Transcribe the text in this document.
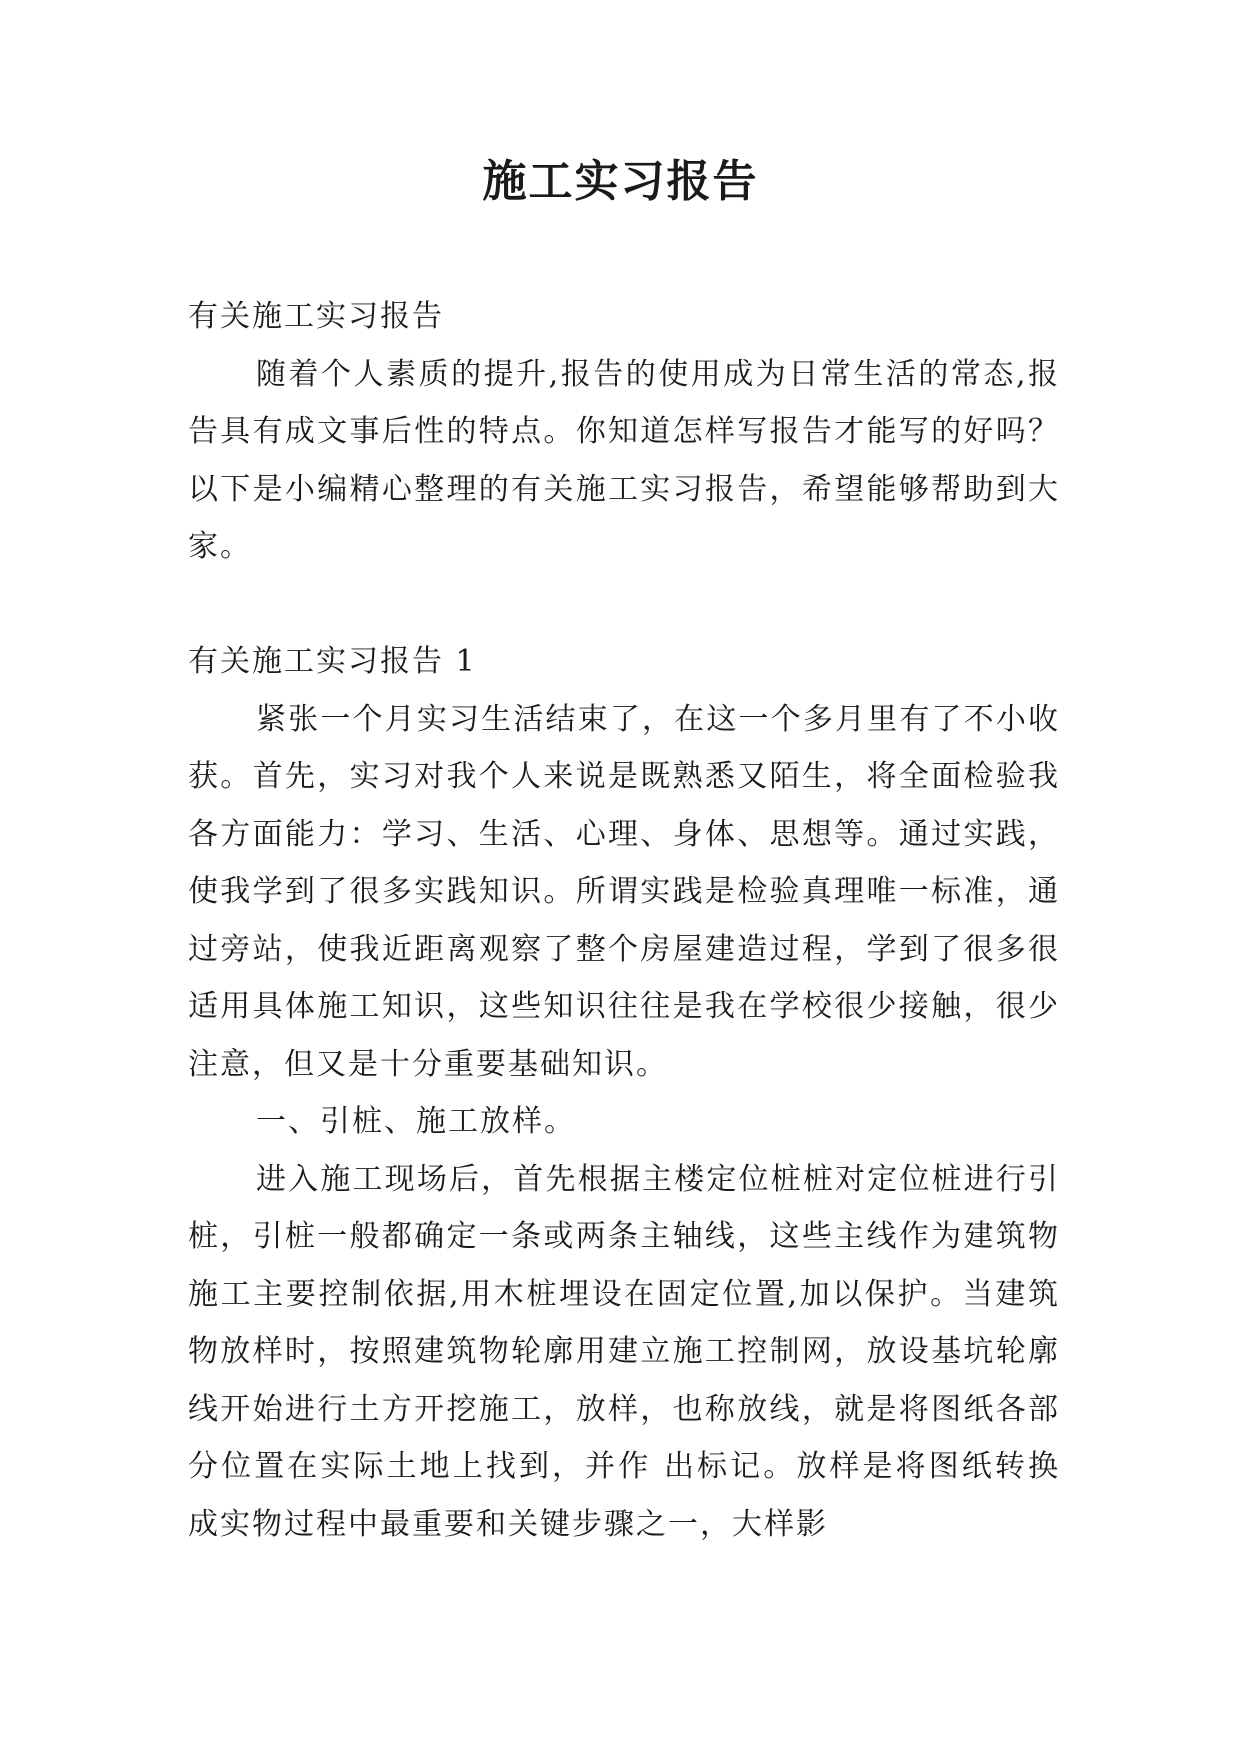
施工实习报告

有关施工实习报告

随着个人素质的提升,报告的使用成为日常生活的常态,报告具有成文事后性的特点。你知道怎样写报告才能写的好吗？以下是小编精心整理的有关施工实习报告，希望能够帮助到大家。

有关施工实习报告 1

紧张一个月实习生活结束了，在这一个多月里有了不小收获。首先，实习对我个人来说是既熟悉又陌生，将全面检验我各方面能力：学习、生活、心理、身体、思想等。通过实践，使我学到了很多实践知识。所谓实践是检验真理唯一标准，通过旁站，使我近距离观察了整个房屋建造过程，学到了很多很适用具体施工知识，这些知识往往是我在学校很少接触，很少注意，但又是十分重要基础知识。

一、引桩、施工放样。

进入施工现场后，首先根据主楼定位桩桩对定位桩进行引桩，引桩一般都确定一条或两条主轴线，这些主线作为建筑物施工主要控制依据,用木桩埋设在固定位置,加以保护。当建筑物放样时，按照建筑物轮廓用建立施工控制网，放设基坑轮廓线开始进行土方开挖施工，放样，也称放线，就是将图纸各部分位置在实际土地上找到，并作 出标记。放样是将图纸转换成实物过程中最重要和关键步骤之一，大样影
